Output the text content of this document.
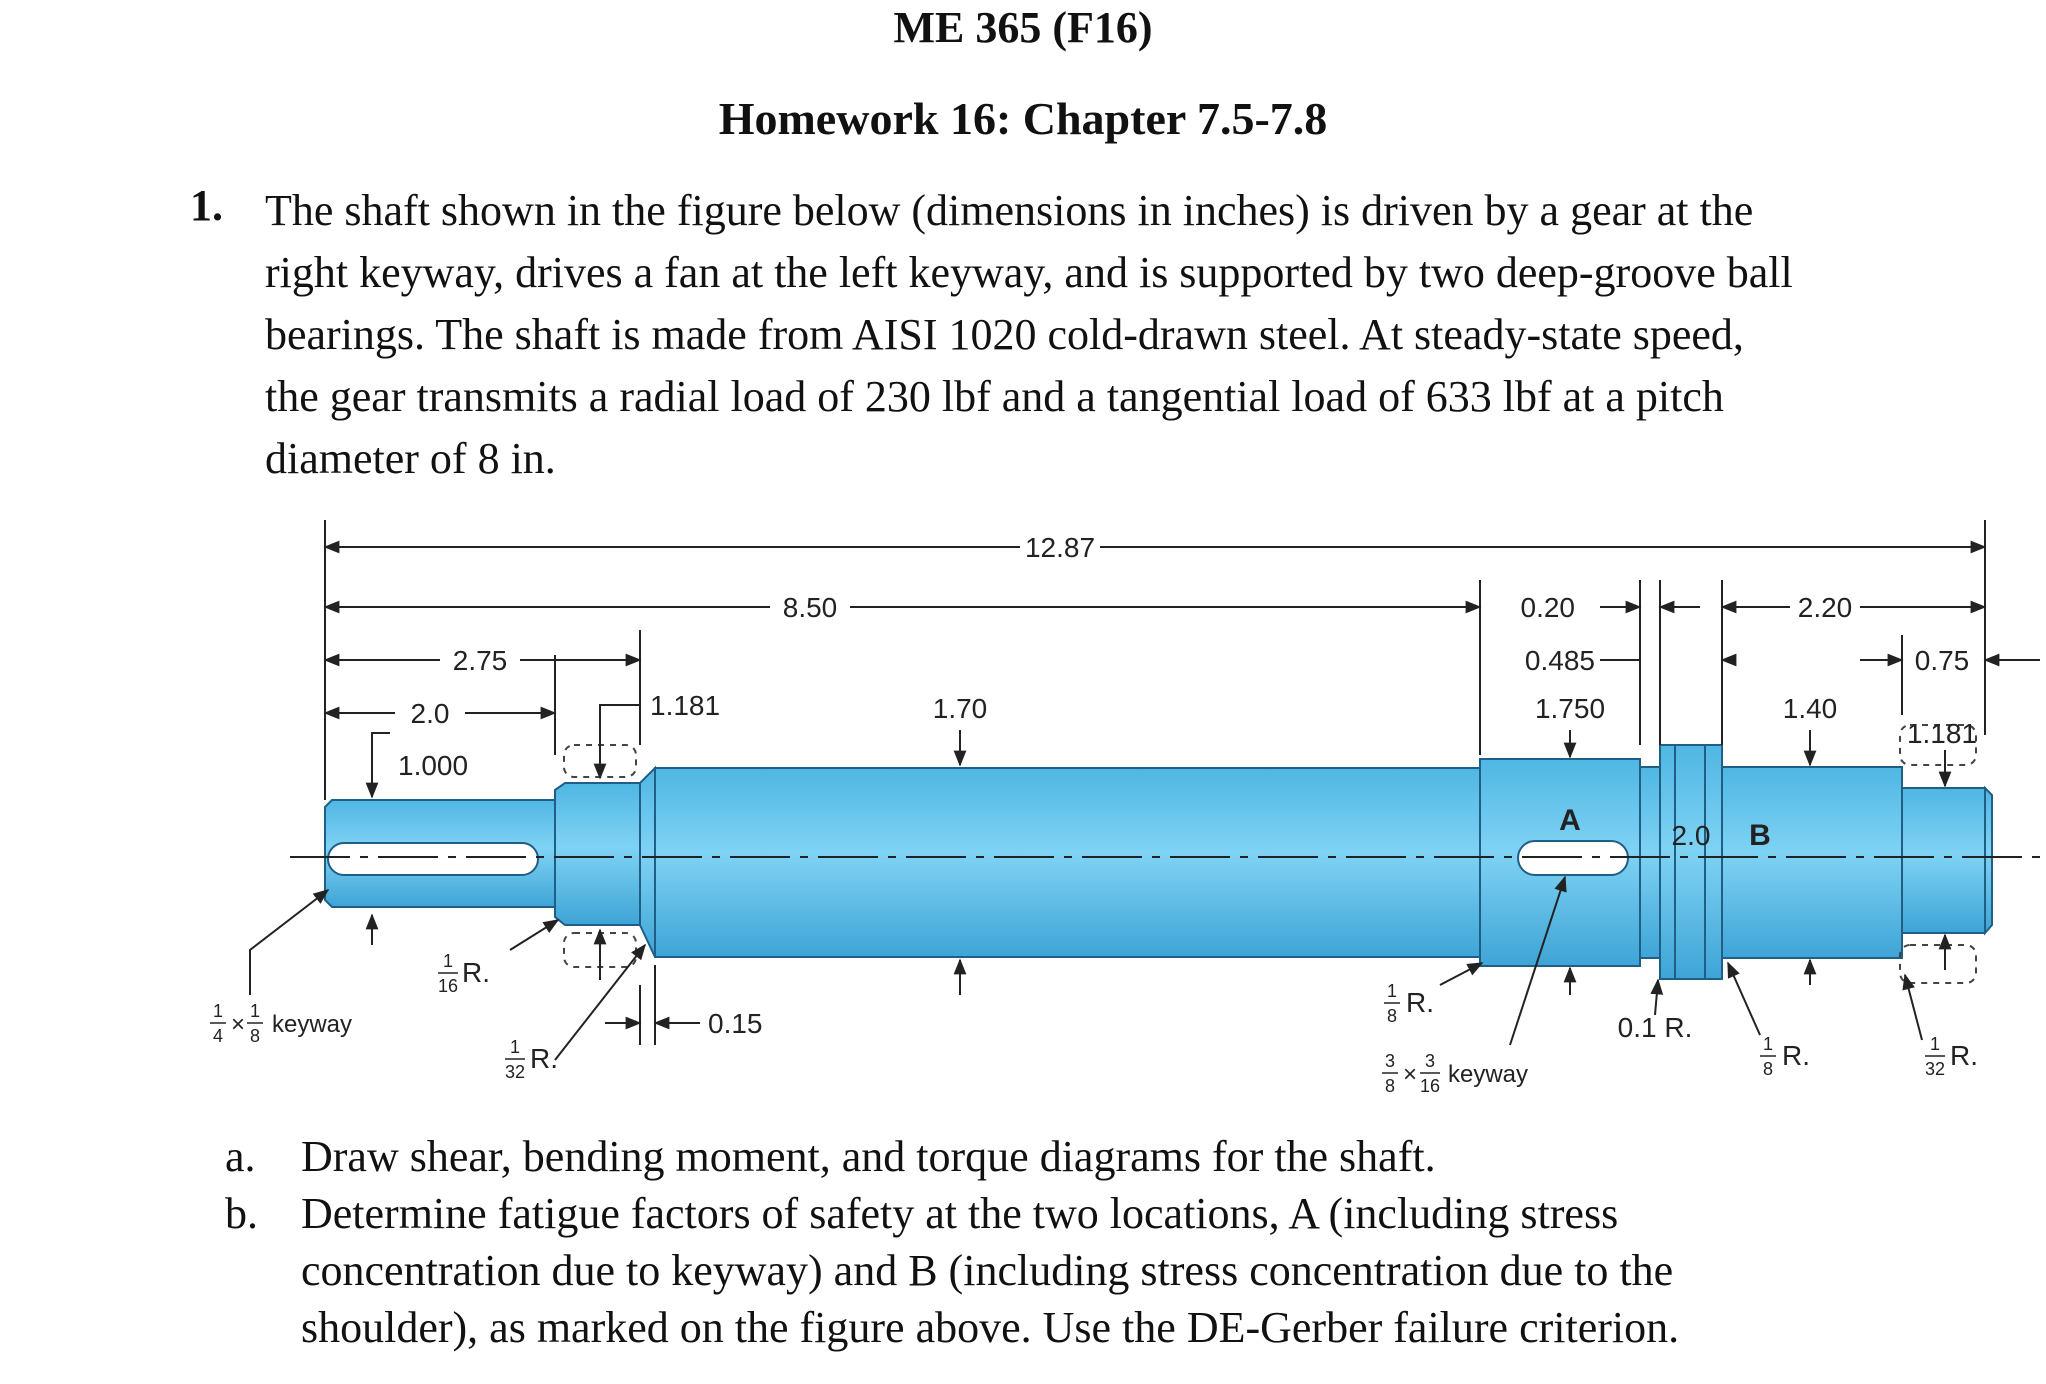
ME 365 (F16)
Homework 16: Chapter 7.5-7.8
1. The shaft shown in the figure below (dimensions in inches) is driven by a gear at the
right keyway, drives a fan at the left keyway, and is supported by two deep-groove ball
bearings. The shaft is made from AISI 1020 cold-drawn steel. At steady-state speed,
the gear transmits a radial load of 230 lbf and a tangential load of 633 lbf at a pitch
diameter of 8 in.
12.87
8.50
2.75
2.0
1.000
1.181	1.70
0.20
0.485
1.750
2.20
1.40
0.75
1.181
0.15
2.0
0.1 R.
A	B
1
16 R.
1
32 R.
1
8 R.
1
8 R.	1
32 R.
1
4 × 1
8 keyway
3
8 × 3
16 keyway
a.	Draw shear, bending moment, and torque diagrams for the shaft.
b. Determine fatigue factors of safety at the two locations, A (including stress
concentration due to keyway) and B (including stress concentration due to the
shoulder), as marked on the figure above. Use the DE-Gerber failure criterion.
